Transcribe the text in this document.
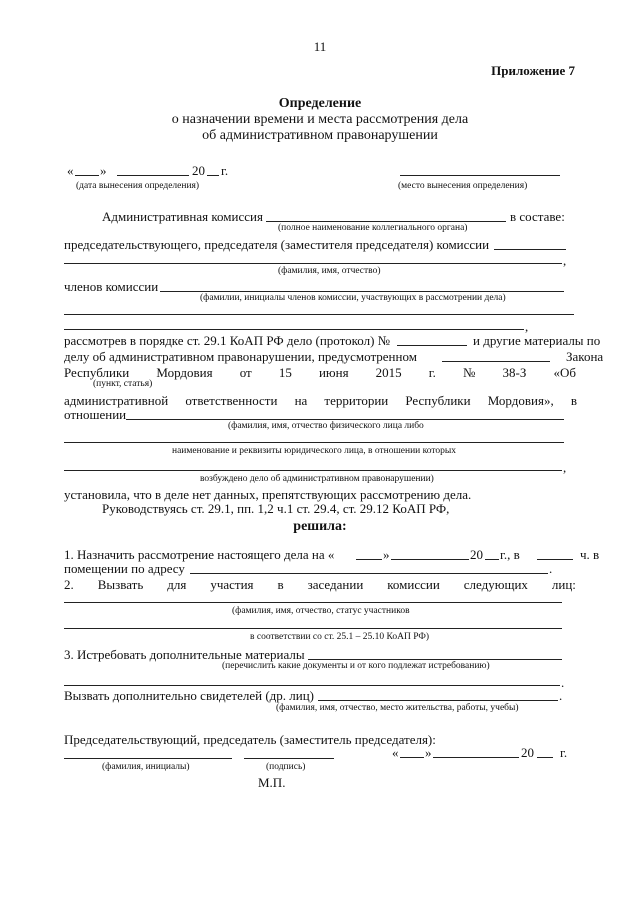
11
Приложение 7
Определение
о назначении времени и места рассмотрения дела
об административном правонарушении
« »	20 г.
(дата вынесения определения)	(место вынесения определения)
Административная комиссия	в составе:
(полное наименование коллегиального органа)
председательствующего, председателя (заместителя председателя) комиссии
,
(фамилия, имя, отчество)
членов комиссии
(фамилии, инициалы членов комиссии, участвующих в рассмотрении дела)
,
рассмотрев в порядке ст. 29.1 КоАП РФ дело (протокол) №	и другие материалы по
делу об административном правонарушении, предусмотренном	Закона
Республики Мордовия от 15 июня 2015 г. № 38-З «Об
(пункт, статья)
административной ответственности на территории Республики Мордовия», в
отношении
(фамилия, имя, отчество физического лица либо
наименование и реквизиты юридического лица, в отношении которых
,
возбуждено дело об административном правонарушении)
установила, что в деле нет данных, препятствующих рассмотрению дела.
Руководствуясь ст. 29.1, пп. 1,2 ч.1 ст. 29.4, ст. 29.12 КоАП РФ,
решила:
1. Назначить рассмотрение настоящего дела на «	»	20 г., в	ч. в
помещении по адресу	.
2. Вызвать для участия в заседании комиссии следующих лиц:
(фамилия, имя, отчество, статус участников
в соответствии со ст. 25.1 – 25.10 КоАП РФ)
3. Истребовать дополнительные материалы
(перечислить какие документы и от кого подлежат истребованию)
.
Вызвать дополнительно свидетелей (др. лиц)	.
(фамилия, имя, отчество, место жительства, работы, учебы)
Председательствующий, председатель (заместитель председателя):
« »	20 г.
(фамилия, инициалы)	(подпись)
М.П.
